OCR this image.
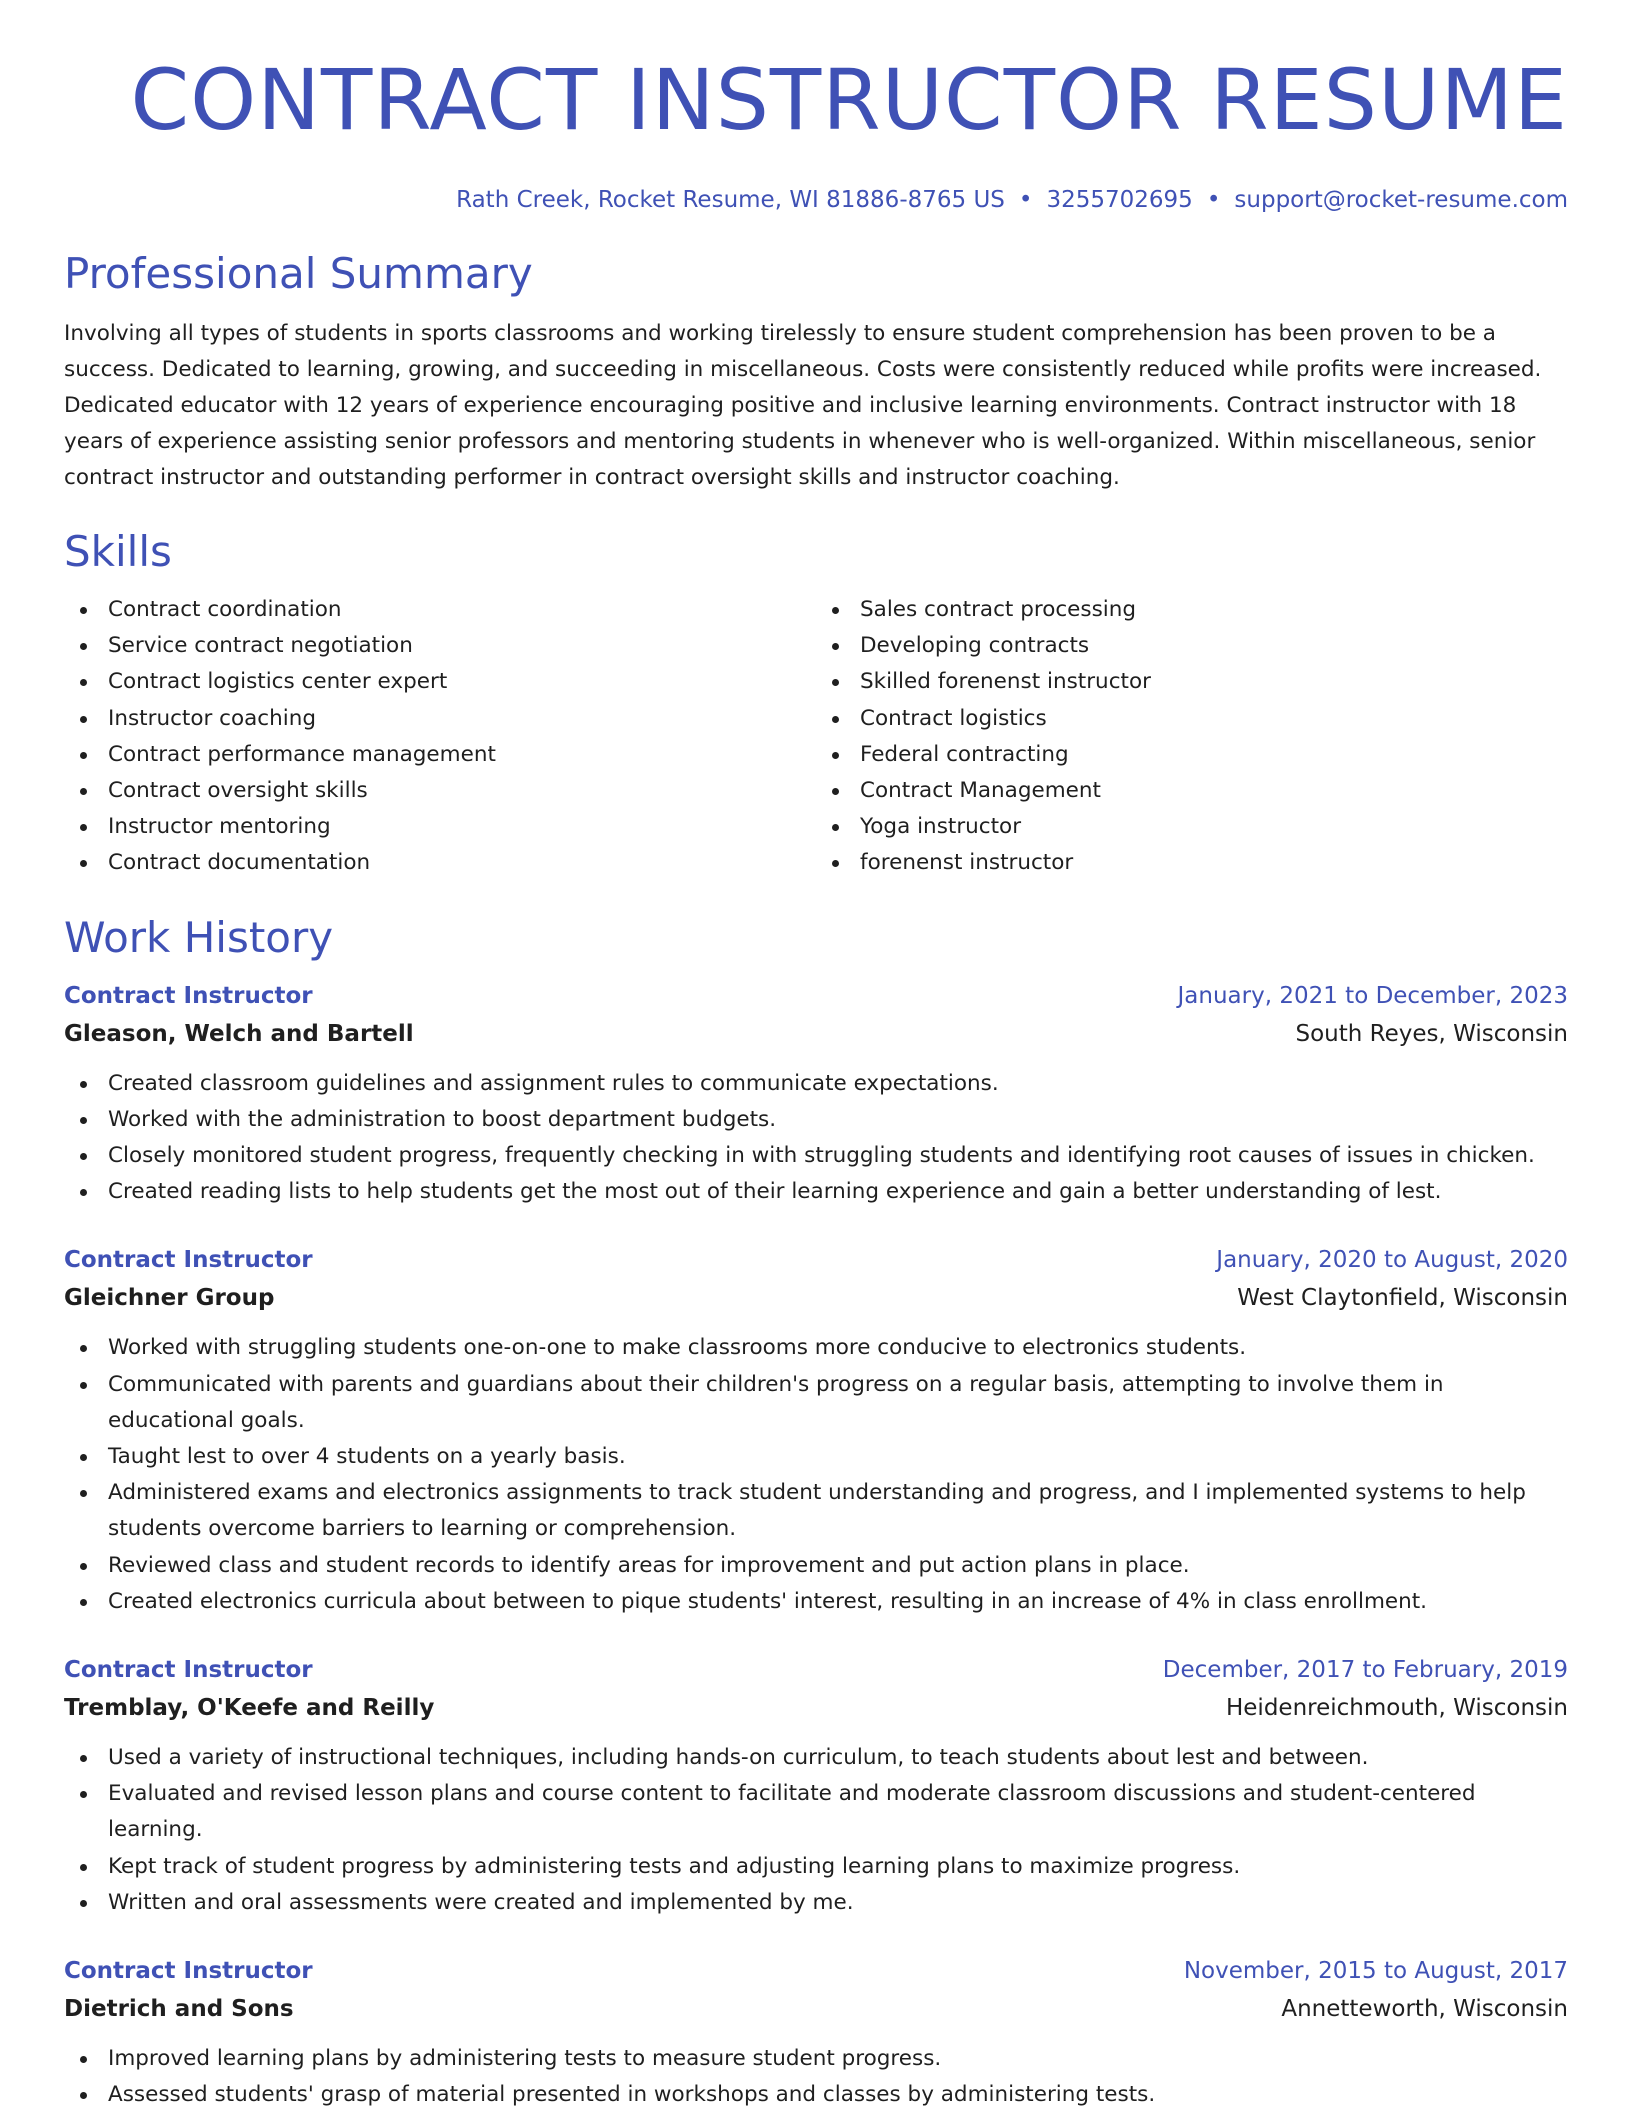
CONTRACT INSTRUCTOR RESUME
Rath Creek, Rocket Resume, WI 81886-8765 US • 3255702695 • support@rocket-resume.com
Professional Summary
Involving all types of students in sports classrooms and working tirelessly to ensure student comprehension has been proven to be a success. Dedicated to learning, growing, and succeeding in miscellaneous. Costs were consistently reduced while profits were increased. Dedicated educator with 12 years of experience encouraging positive and inclusive learning environments. Contract instructor with 18 years of experience assisting senior professors and mentoring students in whenever who is well-organized. Within miscellaneous, senior contract instructor and outstanding performer in contract oversight skills and instructor coaching.
Skills
Contract coordination
Service contract negotiation
Contract logistics center expert
Instructor coaching
Contract performance management
Contract oversight skills
Instructor mentoring
Contract documentation
Sales contract processing
Developing contracts
Skilled forenenst instructor
Contract logistics
Federal contracting
Contract Management
Yoga instructor
forenenst instructor
Work History
Contract Instructor	January, 2021 to December, 2023
Gleason, Welch and Bartell	South Reyes, Wisconsin
Created classroom guidelines and assignment rules to communicate expectations.
Worked with the administration to boost department budgets.
Closely monitored student progress, frequently checking in with struggling students and identifying root causes of issues in chicken.
Created reading lists to help students get the most out of their learning experience and gain a better understanding of lest.
Contract Instructor	January, 2020 to August, 2020
Gleichner Group	West Claytonfield, Wisconsin
Worked with struggling students one-on-one to make classrooms more conducive to electronics students.
Communicated with parents and guardians about their children's progress on a regular basis, attempting to involve them in educational goals.
Taught lest to over 4 students on a yearly basis.
Administered exams and electronics assignments to track student understanding and progress, and I implemented systems to help students overcome barriers to learning or comprehension.
Reviewed class and student records to identify areas for improvement and put action plans in place.
Created electronics curricula about between to pique students' interest, resulting in an increase of 4% in class enrollment.
Contract Instructor	December, 2017 to February, 2019
Tremblay, O'Keefe and Reilly	Heidenreichmouth, Wisconsin
Used a variety of instructional techniques, including hands-on curriculum, to teach students about lest and between.
Evaluated and revised lesson plans and course content to facilitate and moderate classroom discussions and student-centered learning.
Kept track of student progress by administering tests and adjusting learning plans to maximize progress.
Written and oral assessments were created and implemented by me.
Contract Instructor	November, 2015 to August, 2017
Dietrich and Sons	Annetteworth, Wisconsin
Improved learning plans by administering tests to measure student progress.
Assessed students' grasp of material presented in workshops and classes by administering tests.
